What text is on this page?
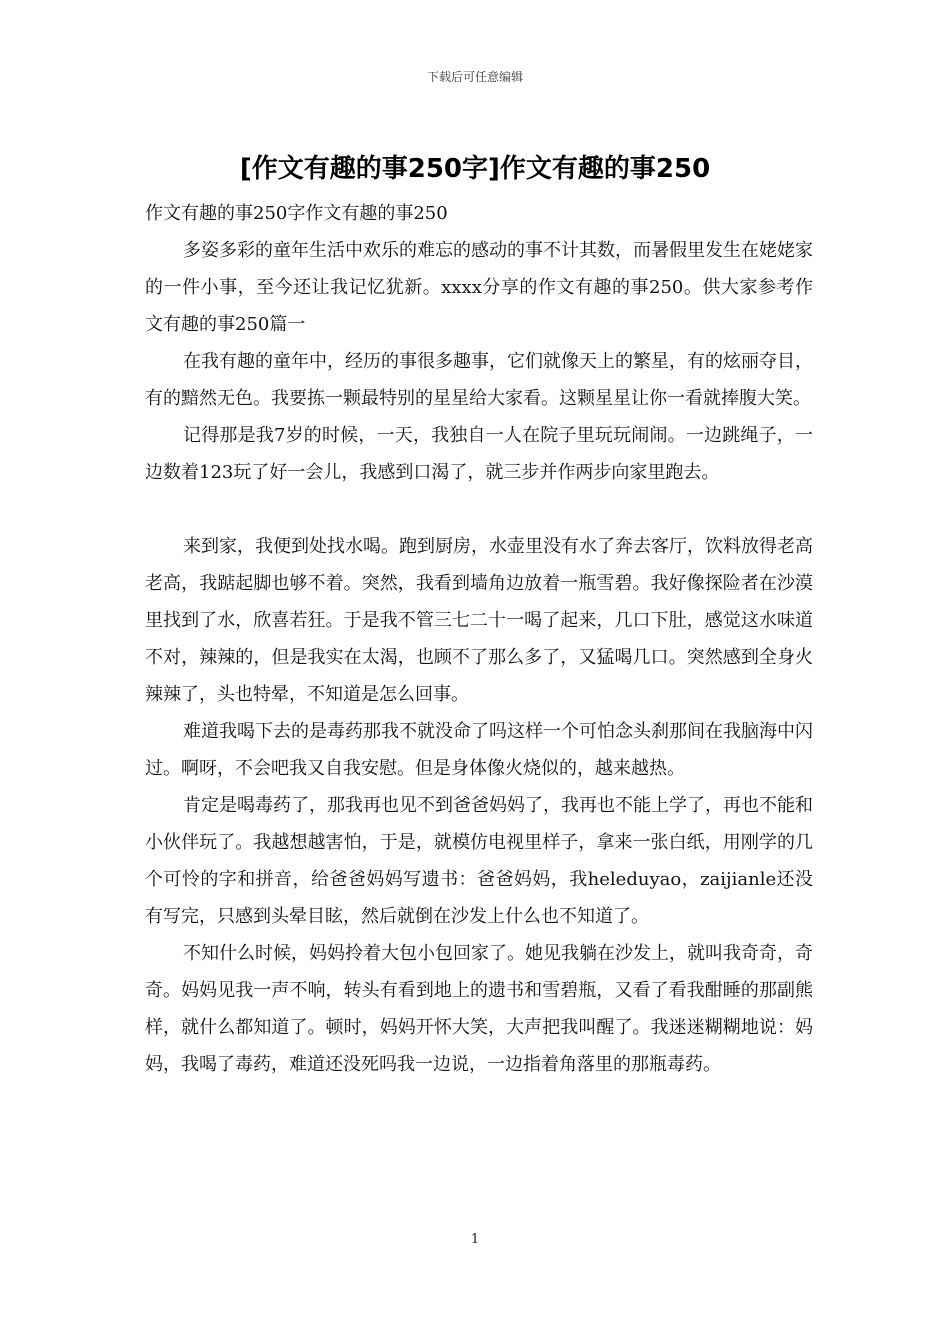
下载后可任意编辑
[作文有趣的事250字]作文有趣的事250

作文有趣的事250字作文有趣的事250

多姿多彩的童年生活中欢乐的难忘的感动的事不计其数，而暑假里发生在姥姥家的一件小事，至今还让我记忆犹新。xxxx分享的作文有趣的事250。供大家参考作文有趣的事250篇一

在我有趣的童年中，经历的事很多趣事，它们就像天上的繁星，有的炫丽夺目，有的黯然无色。我要拣一颗最特别的星星给大家看。这颗星星让你一看就捧腹大笑。

记得那是我7岁的时候，一天，我独自一人在院子里玩玩闹闹。一边跳绳子，一边数着123玩了好一会儿，我感到口渴了，就三步并作两步向家里跑去。

来到家，我便到处找水喝。跑到厨房，水壶里没有水了奔去客厅，饮料放得老高老高，我踮起脚也够不着。突然，我看到墙角边放着一瓶雪碧。我好像探险者在沙漠里找到了水，欣喜若狂。于是我不管三七二十一喝了起来，几口下肚，感觉这水味道不对，辣辣的，但是我实在太渴，也顾不了那么多了，又猛喝几口。突然感到全身火辣辣了，头也特晕，不知道是怎么回事。

难道我喝下去的是毒药那我不就没命了吗这样一个可怕念头刹那间在我脑海中闪过。啊呀，不会吧我又自我安慰。但是身体像火烧似的，越来越热。

肯定是喝毒药了，那我再也见不到爸爸妈妈了，我再也不能上学了，再也不能和小伙伴玩了。我越想越害怕，于是，就模仿电视里样子，拿来一张白纸，用刚学的几个可怜的字和拼音，给爸爸妈妈写遗书：爸爸妈妈，我heleduyao，zaijianle还没有写完，只感到头晕目眩，然后就倒在沙发上什么也不知道了。

不知什么时候，妈妈拎着大包小包回家了。她见我躺在沙发上，就叫我奇奇，奇奇。妈妈见我一声不响，转头有看到地上的遗书和雪碧瓶，又看了看我酣睡的那副熊样，就什么都知道了。顿时，妈妈开怀大笑，大声把我叫醒了。我迷迷糊糊地说：妈妈，我喝了毒药，难道还没死吗我一边说，一边指着角落里的那瓶毒药。

1
